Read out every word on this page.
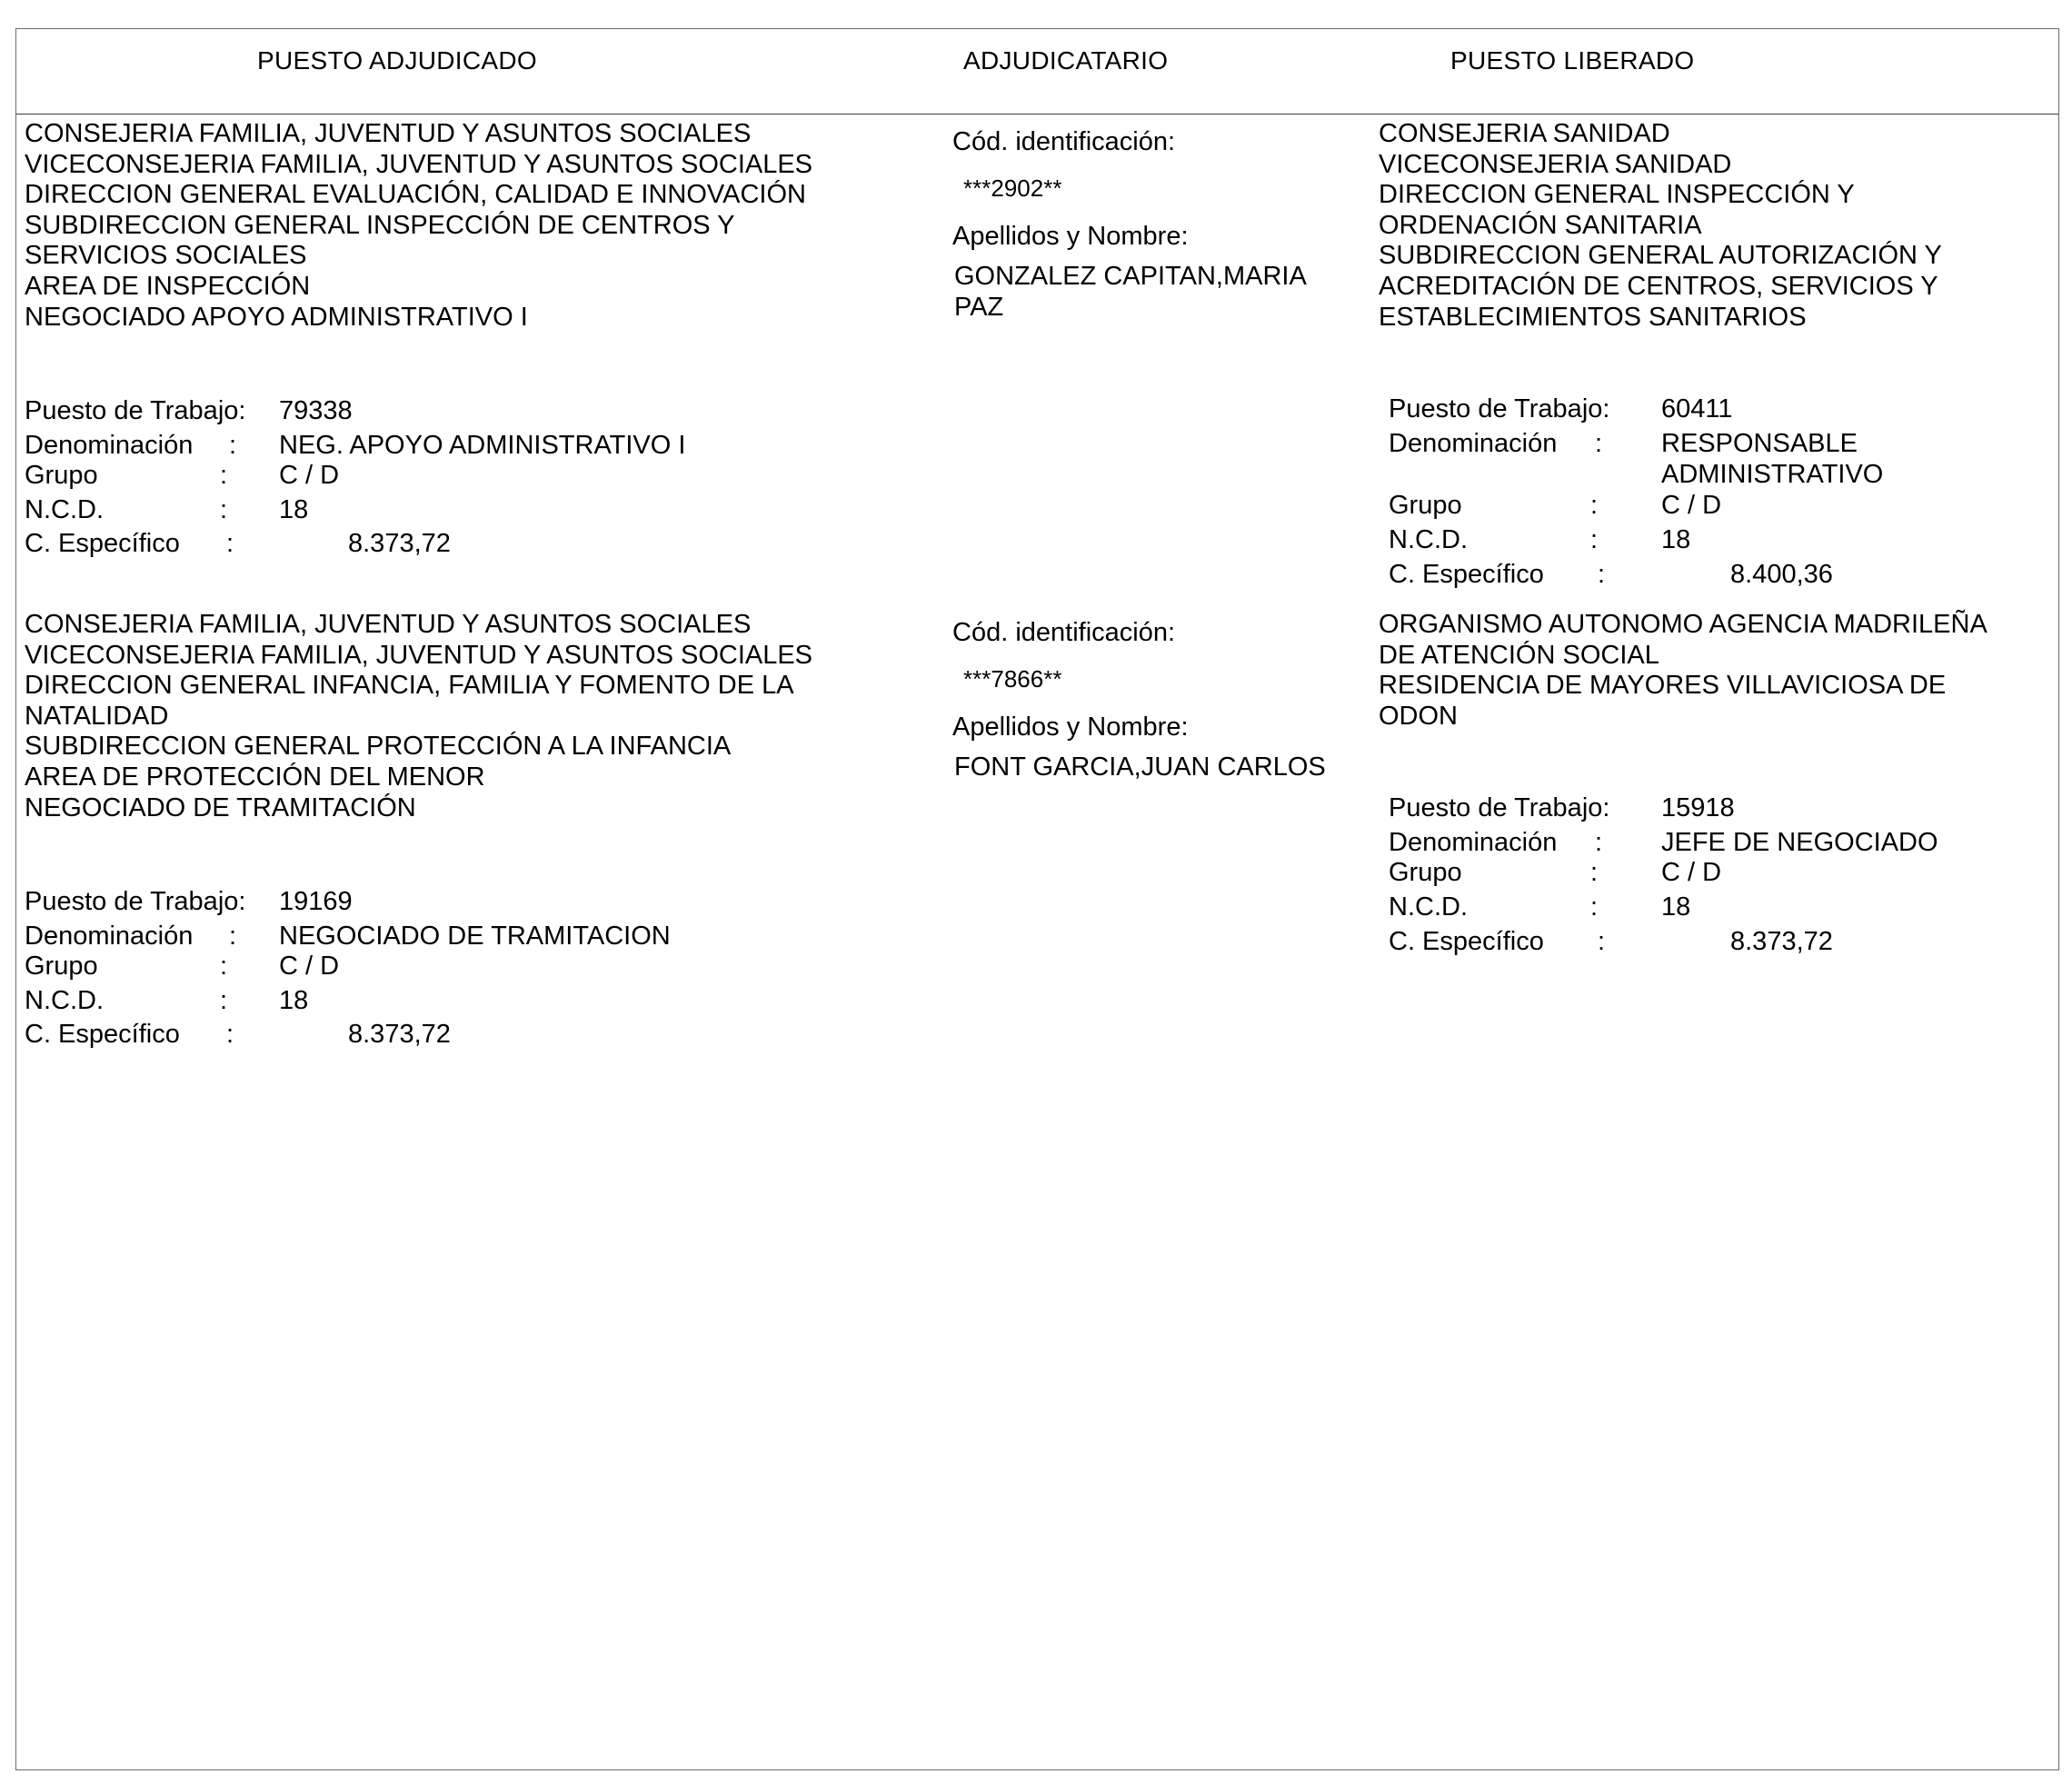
PUESTO ADJUDICADO	ADJUDICATARIO	PUESTO LIBERADO
CONSEJERIA FAMILIA, JUVENTUD Y ASUNTOS SOCIALES
VICECONSEJERIA FAMILIA, JUVENTUD Y ASUNTOS SOCIALES
DIRECCION GENERAL EVALUACIÓN, CALIDAD E INNOVACIÓN
SUBDIRECCION GENERAL INSPECCIÓN DE CENTROS Y
SERVICIOS SOCIALES
AREA DE INSPECCIÓN
NEGOCIADO APOYO ADMINISTRATIVO I
Puesto de Trabajo: 79338
Denominación : NEG. APOYO ADMINISTRATIVO I
Grupo	: C / D
N.C.D.	: 18
C. Específico :	8.373,72
Cód. identificación:
***2902**
Apellidos y Nombre:
GONZALEZ CAPITAN,MARIA
PAZ
CONSEJERIA SANIDAD
VICECONSEJERIA SANIDAD
DIRECCION GENERAL INSPECCIÓN Y
ORDENACIÓN SANITARIA
SUBDIRECCION GENERAL AUTORIZACIÓN Y
ACREDITACIÓN DE CENTROS, SERVICIOS Y
ESTABLECIMIENTOS SANITARIOS
Puesto de Trabajo: 60411
Denominación : RESPONSABLE
ADMINISTRATIVO
Grupo	: C / D
N.C.D.	: 18
C. Específico :	8.400,36
CONSEJERIA FAMILIA, JUVENTUD Y ASUNTOS SOCIALES
VICECONSEJERIA FAMILIA, JUVENTUD Y ASUNTOS SOCIALES
DIRECCION GENERAL INFANCIA, FAMILIA Y FOMENTO DE LA
NATALIDAD
SUBDIRECCION GENERAL PROTECCIÓN A LA INFANCIA
AREA DE PROTECCIÓN DEL MENOR
NEGOCIADO DE TRAMITACIÓN
Puesto de Trabajo: 19169
Denominación : NEGOCIADO DE TRAMITACION
Grupo	: C / D
N.C.D.	: 18
C. Específico :	8.373,72
Cód. identificación:
***7866**
Apellidos y Nombre:
FONT GARCIA,JUAN CARLOS
ORGANISMO AUTONOMO AGENCIA MADRILEÑA
DE ATENCIÓN SOCIAL
RESIDENCIA DE MAYORES VILLAVICIOSA DE
ODON
Puesto de Trabajo: 15918
Denominación : JEFE DE NEGOCIADO
Grupo	: C / D
N.C.D.	: 18
C. Específico :	8.373,72
